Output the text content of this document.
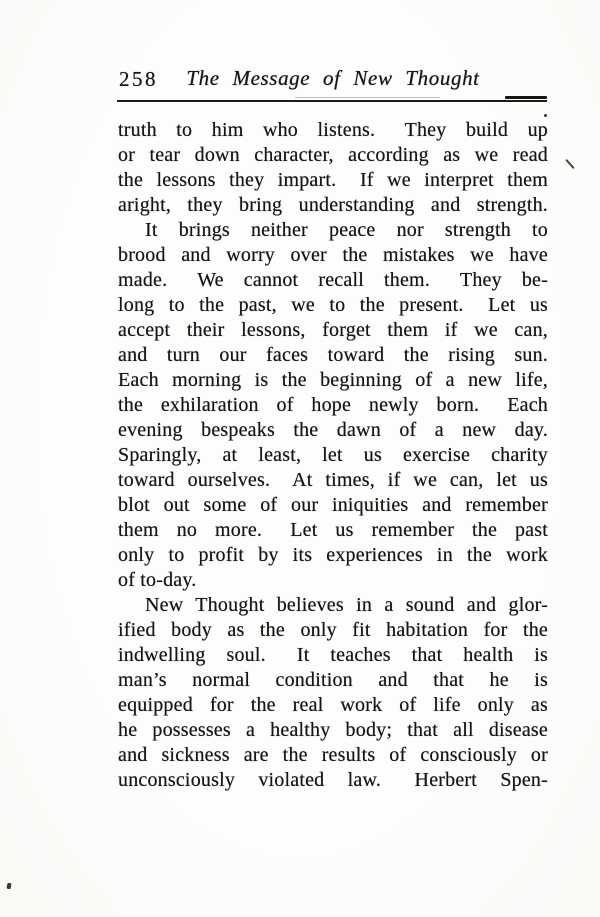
258	The Message of New Thought
truth to him who listens.  They build up
or tear down character, according as we read
the lessons they impart.  If we interpret them
aright, they bring understanding and strength.
It brings neither peace nor strength to
brood and worry over the mistakes we have
made.  We cannot recall them.  They be-
long to the past, we to the present.  Let us
accept their lessons, forget them if we can,
and turn our faces toward the rising sun.
Each morning is the beginning of a new life,
the exhilaration of hope newly born.  Each
evening bespeaks the dawn of a new day.
Sparingly, at least, let us exercise charity
toward ourselves.  At times, if we can, let us
blot out some of our iniquities and remember
them no more.  Let us remember the past
only to profit by its experiences in the work
of to-day.
New Thought believes in a sound and glor-
ified body as the only fit habitation for the
indwelling soul.  It teaches that health is
man’s normal condition and that he is
equipped for the real work of life only as
he possesses a healthy body; that all disease
and sickness are the results of consciously or
unconsciously violated law.  Herbert Spen-
